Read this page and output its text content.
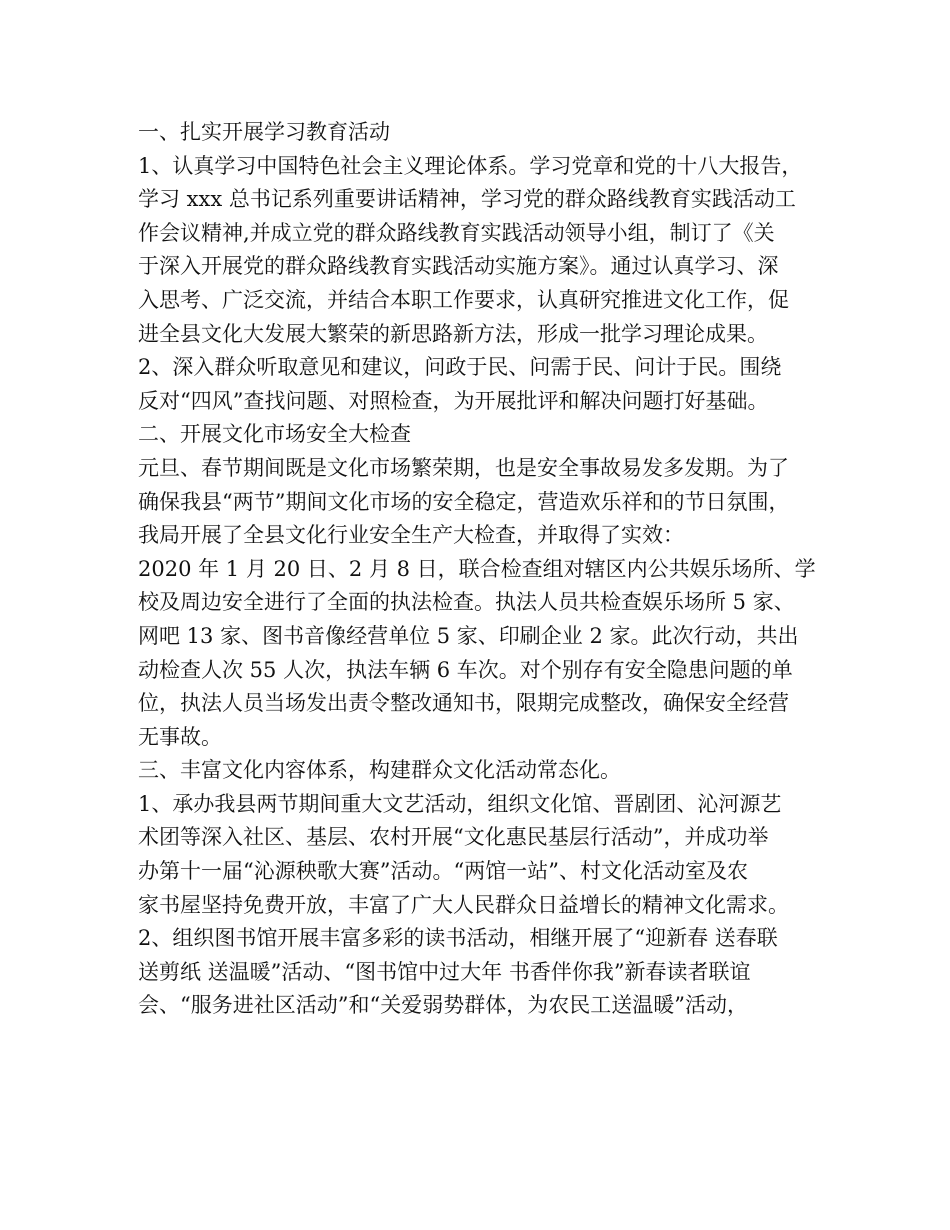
一、扎实开展学习教育活动
1、认真学习中国特色社会主义理论体系。学习党章和党的十八大报告，
学习 xxx 总书记系列重要讲话精神，学习党的群众路线教育实践活动工
作会议精神,并成立党的群众路线教育实践活动领导小组，制订了《关
于深入开展党的群众路线教育实践活动实施方案》。通过认真学习、深
入思考、广泛交流，并结合本职工作要求，认真研究推进文化工作，促
进全县文化大发展大繁荣的新思路新方法，形成一批学习理论成果。
2、深入群众听取意见和建议，问政于民、问需于民、问计于民。围绕
反对“四风”查找问题、对照检查，为开展批评和解决问题打好基础。
二、开展文化市场安全大检查
元旦、春节期间既是文化市场繁荣期，也是安全事故易发多发期。为了
确保我县“两节”期间文化市场的安全稳定，营造欢乐祥和的节日氛围，
我局开展了全县文化行业安全生产大检查，并取得了实效：
2020 年 1 月 20 日、2 月 8 日，联合检查组对辖区内公共娱乐场所、学
校及周边安全进行了全面的执法检查。执法人员共检查娱乐场所 5 家、
网吧 13 家、图书音像经营单位 5 家、印刷企业 2 家。此次行动，共出
动检查人次 55 人次，执法车辆 6 车次。对个别存有安全隐患问题的单
位，执法人员当场发出责令整改通知书，限期完成整改，确保安全经营
无事故。
三、丰富文化内容体系，构建群众文化活动常态化。
1、承办我县两节期间重大文艺活动，组织文化馆、晋剧团、沁河源艺
术团等深入社区、基层、农村开展“文化惠民基层行活动”，并成功举
办第十一届“沁源秧歌大赛”活动。“两馆一站”、村文化活动室及农
家书屋坚持免费开放，丰富了广大人民群众日益增长的精神文化需求。
2、组织图书馆开展丰富多彩的读书活动，相继开展了“迎新春 送春联
送剪纸 送温暖”活动、“图书馆中过大年 书香伴你我”新春读者联谊
会、“服务进社区活动”和“关爱弱势群体，为农民工送温暖”活动，
